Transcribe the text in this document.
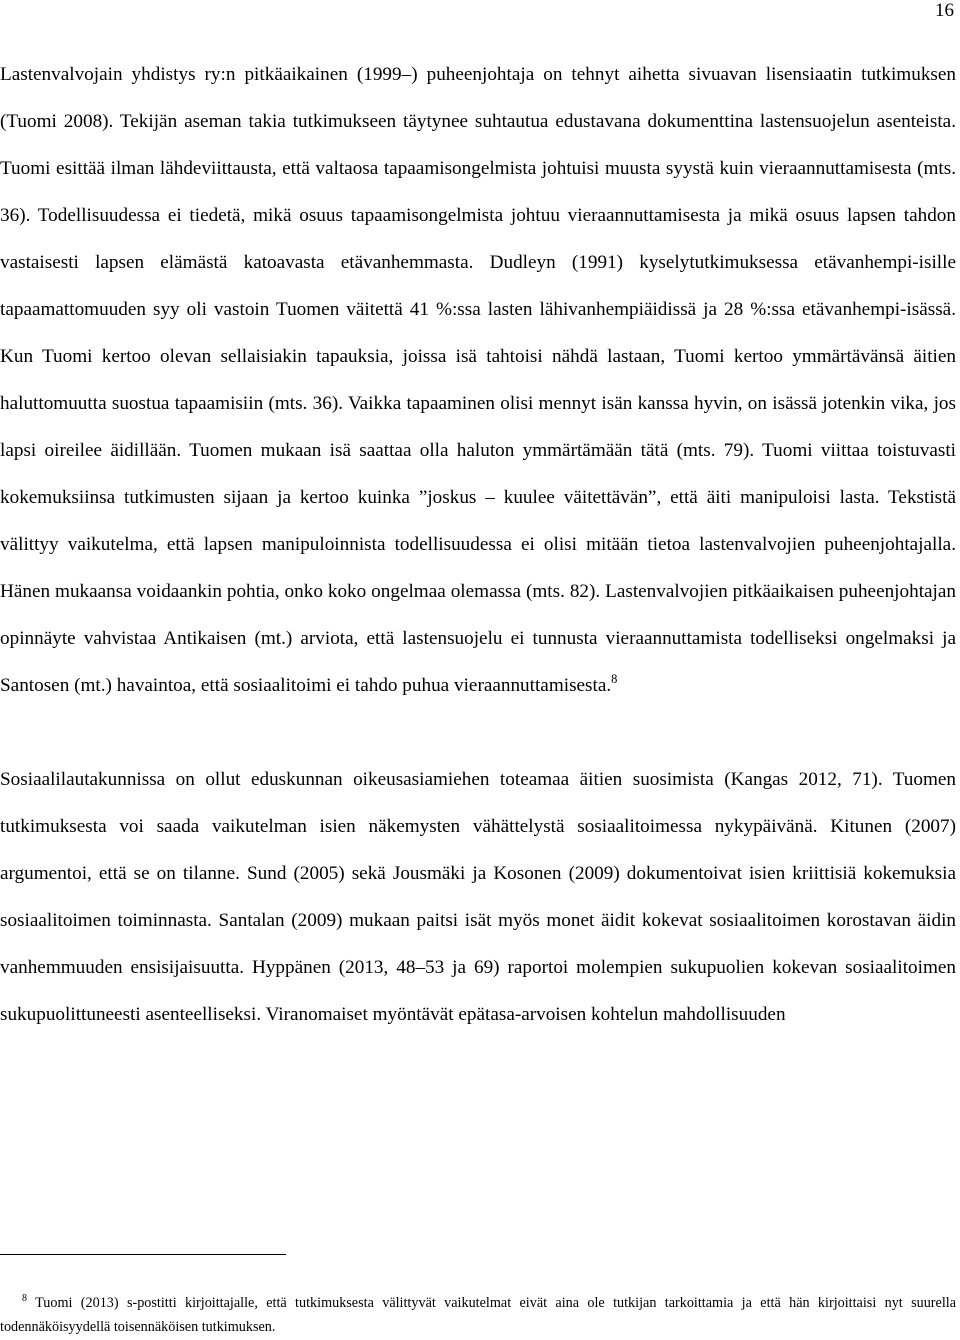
16

Lastenvalvojain yhdistys ry:n pitkäaikainen (1999–) puheenjohtaja on tehnyt aihetta sivuavan lisensiaatin tutkimuksen (Tuomi 2008). Tekijän aseman takia tutkimukseen täytynee suhtautua edustavana dokumenttina lastensuojelun asenteista. Tuomi esittää ilman lähdeviittausta, että valtaosa tapaamisongelmista johtuisi muusta syystä kuin vieraannuttamisesta (mts. 36). Todellisuudessa ei tiedetä, mikä osuus tapaamisongelmista johtuu vieraannuttamisesta ja mikä osuus lapsen tahdon vastaisesti lapsen elämästä katoavasta etävanhemmasta. Dudleyn (1991) kyselytutkimuksessa etävanhempi-isille tapaamattomuuden syy oli vastoin Tuomen väitettä 41 %:ssa lasten lähivanhempiäidissä ja 28 %:ssa etävanhempi-isässä. Kun Tuomi kertoo olevan sellaisiakin tapauksia, joissa isä tahtoisi nähdä lastaan, Tuomi kertoo ymmärtävänsä äitien haluttomuutta suostua tapaamisiin (mts. 36). Vaikka tapaaminen olisi mennyt isän kanssa hyvin, on isässä jotenkin vika, jos lapsi oireilee äidillään. Tuomen mukaan isä saattaa olla haluton ymmärtämään tätä (mts. 79). Tuomi viittaa toistuvasti kokemuksiinsa tutkimusten sijaan ja kertoo kuinka ”joskus – kuulee väitettävän”, että äiti manipuloisi lasta. Tekstistä välittyy vaikutelma, että lapsen manipuloinnista todellisuudessa ei olisi mitään tietoa lastenvalvojien puheenjohtajalla. Hänen mukaansa voidaankin pohtia, onko koko ongelmaa olemassa (mts. 82). Lastenvalvojien pitkäaikaisen puheenjohtajan opinnäyte vahvistaa Antikaisen (mt.) arviota, että lastensuojelu ei tunnusta vieraannuttamista todelliseksi ongelmaksi ja Santosen (mt.) havaintoa, että sosiaalitoimi ei tahdo puhua vieraannuttamisesta.$^8$

Sosiaalilautakunnissa on ollut eduskunnan oikeusasiamiehen toteamaa äitien suosimista (Kangas 2012, 71). Tuomen tutkimuksesta voi saada vaikutelman isien näkemysten vähättelystä sosiaalitoimessa nykypäivänä. Kitunen (2007) argumentoi, että se on tilanne. Sund (2005) sekä Jousmäki ja Kosonen (2009) dokumentoivat isien kriittisiä kokemuksia sosiaalitoimen toiminnasta. Santalan (2009) mukaan paitsi isät myös monet äidit kokevat sosiaalitoimen korostavan äidin vanhemmuuden ensisijaisuutta. Hyppänen (2013, 48–53 ja 69) raportoi molempien sukupuolien kokevan sosiaalitoimen sukupuolittuneesti asenteelliseksi. Viranomaiset myöntävät epätasa-arvoisen kohtelun mahdollisuuden

$^8$ Tuomi (2013) s-postitti kirjoittajalle, että tutkimuksesta välittyvät vaikutelmat eivät aina ole tutkijan tarkoittamia ja että hän kirjoittaisi nyt suurella todennäköisyydellä toisennäköisen tutkimuksen.
